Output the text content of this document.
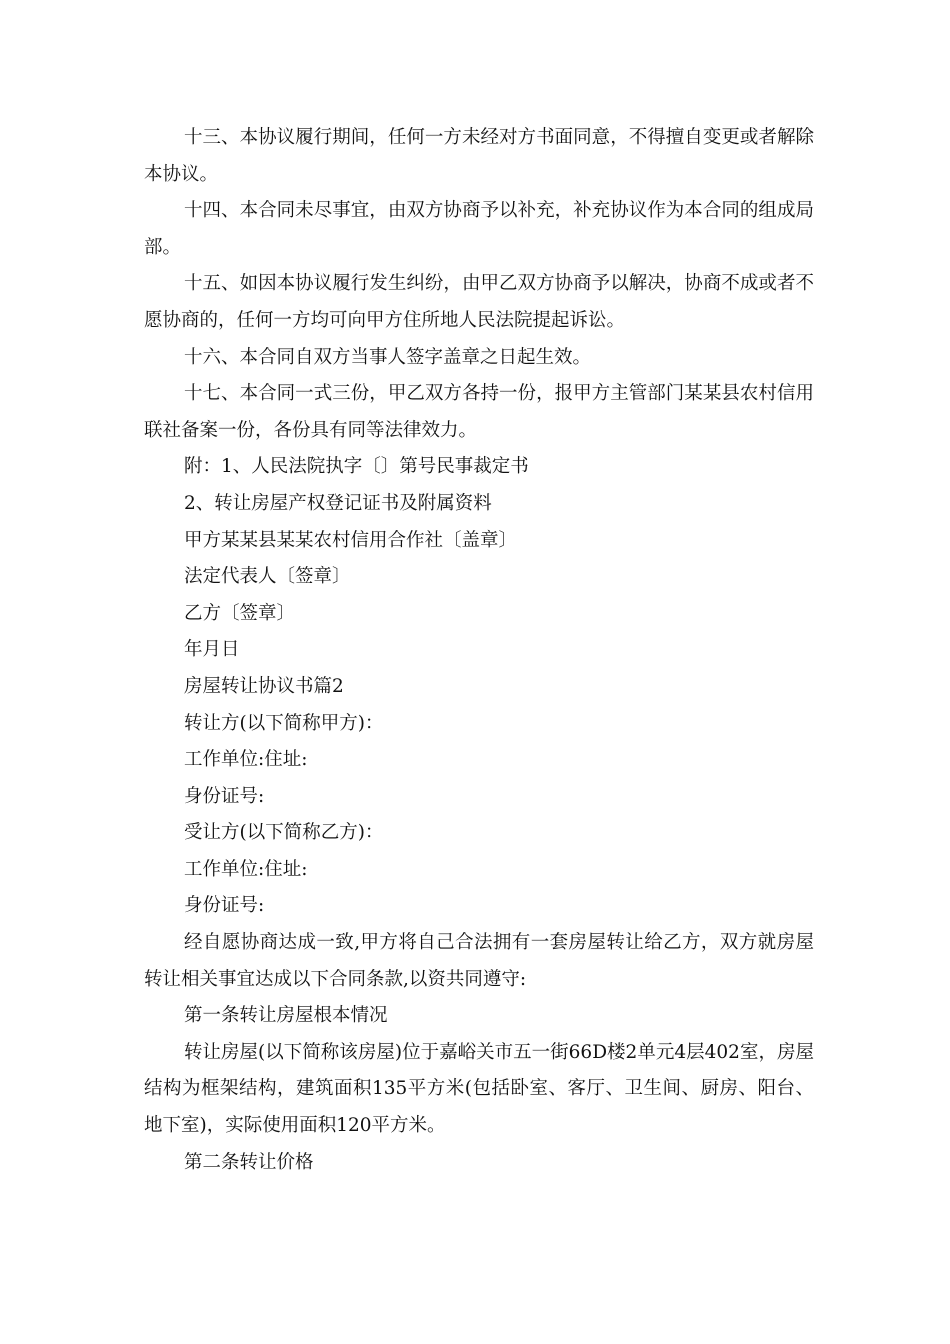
十三、本协议履行期间，任何一方未经对方书面同意，不得擅自变更或者解除本协议。

十四、本合同未尽事宜，由双方协商予以补充，补充协议作为本合同的组成局部。

十五、如因本协议履行发生纠纷，由甲乙双方协商予以解决，协商不成或者不愿协商的，任何一方均可向甲方住所地人民法院提起诉讼。

十六、本合同自双方当事人签字盖章之日起生效。

十七、本合同一式三份，甲乙双方各持一份，报甲方主管部门某某县农村信用联社备案一份，各份具有同等法律效力。

附：1、人民法院执字〔〕第号民事裁定书

2、转让房屋产权登记证书及附属资料

甲方某某县某某农村信用合作社〔盖章〕

法定代表人〔签章〕

乙方〔签章〕

年月日

房屋转让协议书篇2

转让方(以下简称甲方)：

工作单位:住址:

身份证号:

受让方(以下简称乙方)：

工作单位:住址:

身份证号:

经自愿协商达成一致,甲方将自己合法拥有一套房屋转让给乙方，双方就房屋转让相关事宜达成以下合同条款,以资共同遵守:

第一条转让房屋根本情况

转让房屋(以下简称该房屋)位于嘉峪关市五一街66D楼2单元4层402室，房屋结构为框架结构，建筑面积135平方米(包括卧室、客厅、卫生间、厨房、阳台、地下室)，实际使用面积120平方米。

第二条转让价格
